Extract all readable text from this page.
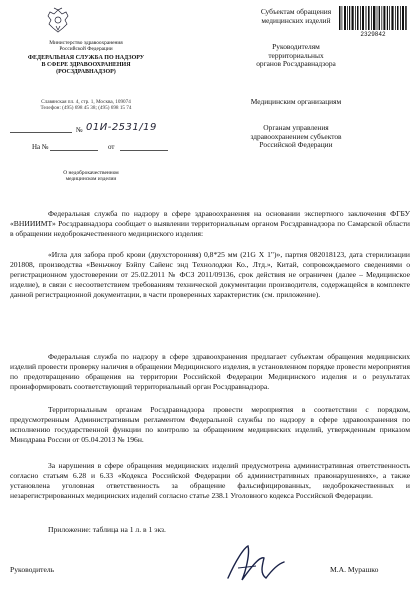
Министерство здравоохранения
Российской Федерации
ФЕДЕРАЛЬНАЯ СЛУЖБА ПО НАДЗОРУ
В СФЕРЕ ЗДРАВООХРАНЕНИЯ
(РОСЗДРАВНАДЗОР)
Славянская пл. 4, стр. 1, Москва, 109074
Телефон: (495) 698 45 38; (495) 698 15 74
2329842
№ 01И-2531/19
На №	от
О недоброкачественном
медицинском изделии
Субъектам обращения
медицинских изделий
Руководителям
территориальных
органов Росздравнадзора
Медицинским организациям
Органам управления
здравоохранением субъектов
Российской Федерации
Федеральная служба по надзору в сфере здравоохранения на основании экспертного заключения ФГБУ «ВНИИИМТ» Росздравнадзора сообщает о выявлении территориальным органом Росздравнадзора по Самарской области в обращении недоброкачественного медицинского изделия:
«Игла для забора проб крови (двухсторонняя) 0,8*25 мм (21G X 1")», партия 082018123, дата стерилизации 201808, производства «Веньчжоу Бэйпу Сайенс энд Технолоджи Ко., Лтд.», Китай, сопровождаемого сведениями о регистрационном удостоверении от 25.02.2011 № ФСЗ 2011/09136, срок действия не ограничен (далее – Медицинское изделие), в связи с несоответствием требованиям технической документации производителя, содержащейся в комплекте данной регистрационной документации, в части проверенных характеристик (см. приложение).
Федеральная служба по надзору в сфере здравоохранения предлагает субъектам обращения медицинских изделий провести проверку наличия в обращении Медицинского изделия, в установленном порядке провести мероприятия по предотвращению обращения на территории Российской Федерации Медицинского изделия и о результатах проинформировать соответствующий территориальный орган Росздравнадзора.
Территориальным органам Росздравнадзора провести мероприятия в соответствии с порядком, предусмотренным Административным регламентом Федеральной службы по надзору в сфере здравоохранения по исполнению государственной функции по контролю за обращением медицинских изделий, утвержденным приказом Минздрава России от 05.04.2013 № 196н.
За нарушения в сфере обращения медицинских изделий предусмотрена административная ответственность согласно статьям 6.28 и 6.33 «Кодекса Российской Федерации об административных правонарушениях», а также установлена уголовная ответственность за обращение фальсифицированных, недоброкачественных и незарегистрированных медицинских изделий согласно статье 238.1 Уголовного кодекса Российской Федерации.
Приложение: таблица на 1 л. в 1 экз.
Руководитель	М.А. Мурашко
